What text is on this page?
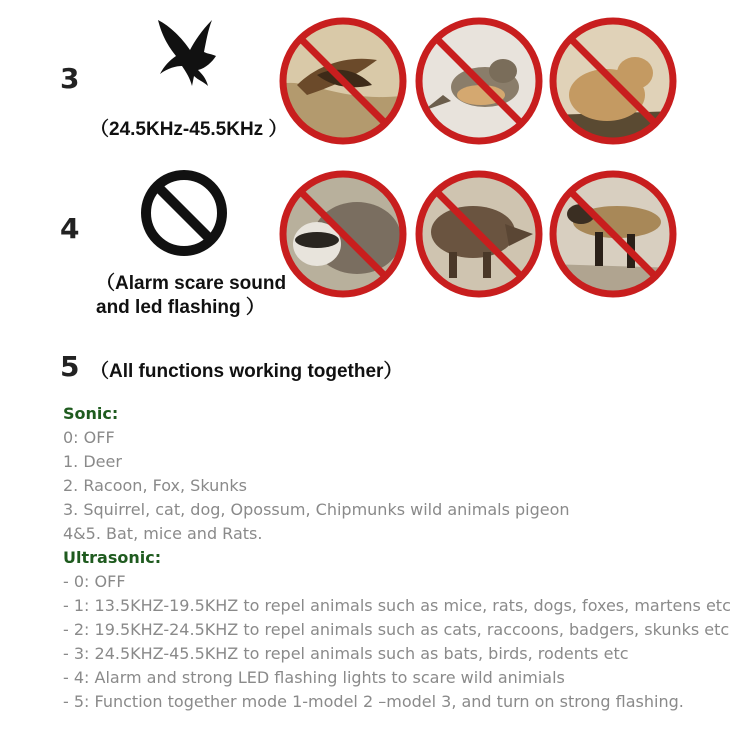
3
（24.5KHz-45.5KHz ）
4
（Alarm scare sound
and led flashing ）
5 （All functions working together）
Sonic:
0: OFF
1. Deer
2. Racoon, Fox, Skunks
3. Squirrel, cat, dog, Opossum, Chipmunks wild animals pigeon
4&5. Bat, mice and Rats.
Ultrasonic:
- 0: OFF
- 1: 13.5KHZ-19.5KHZ to repel animals such as mice, rats, dogs, foxes, martens etc
- 2: 19.5KHZ-24.5KHZ to repel animals such as cats, raccoons, badgers, skunks etc
- 3: 24.5KHZ-45.5KHZ to repel animals such as bats, birds, rodents etc
- 4: Alarm and strong LED flashing lights to scare wild animials
- 5: Function together mode 1-model 2 –model 3, and turn on strong flashing.
